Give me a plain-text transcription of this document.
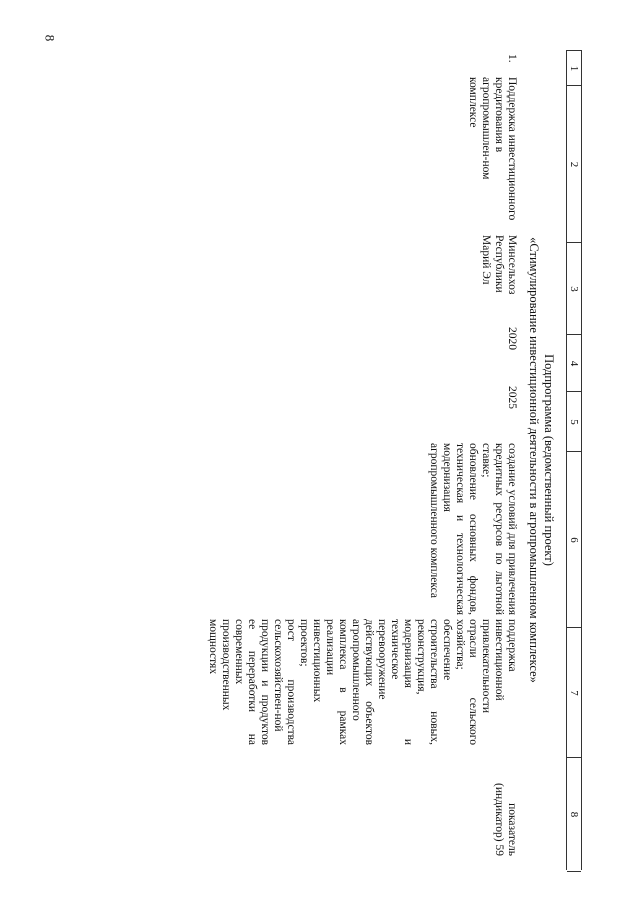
8
1
2
3
4
5
6
7
8
Подпрограмма (ведомственный проект)
«Стимулирование инвестиционной деятельности в агропромышленном комплексе»
1.
Поддержка инвестиционного кредитования в агропромышлен-ном комплексе
Минсельхоз Республики Марий Эл
2020
2025
создание условий для привлечения кредитных ресурсов по льготной ставке;
обновление основных фондов, техническая и технологическая модернизация агропромышленного комплекса
поддержка инвестиционной привлекательности отрасли сельского хозяйства;
обеспечение строительства новых, реконструкция, модернизация и техническое перевооружение действующих объектов агропромышленного комплекса в рамках реализации инвестиционных проектов;
рост производства сельскохозяйствен-ной продукции и продуктов ее переработки на современных производственных мощностях
показатель (индикатор) 59
